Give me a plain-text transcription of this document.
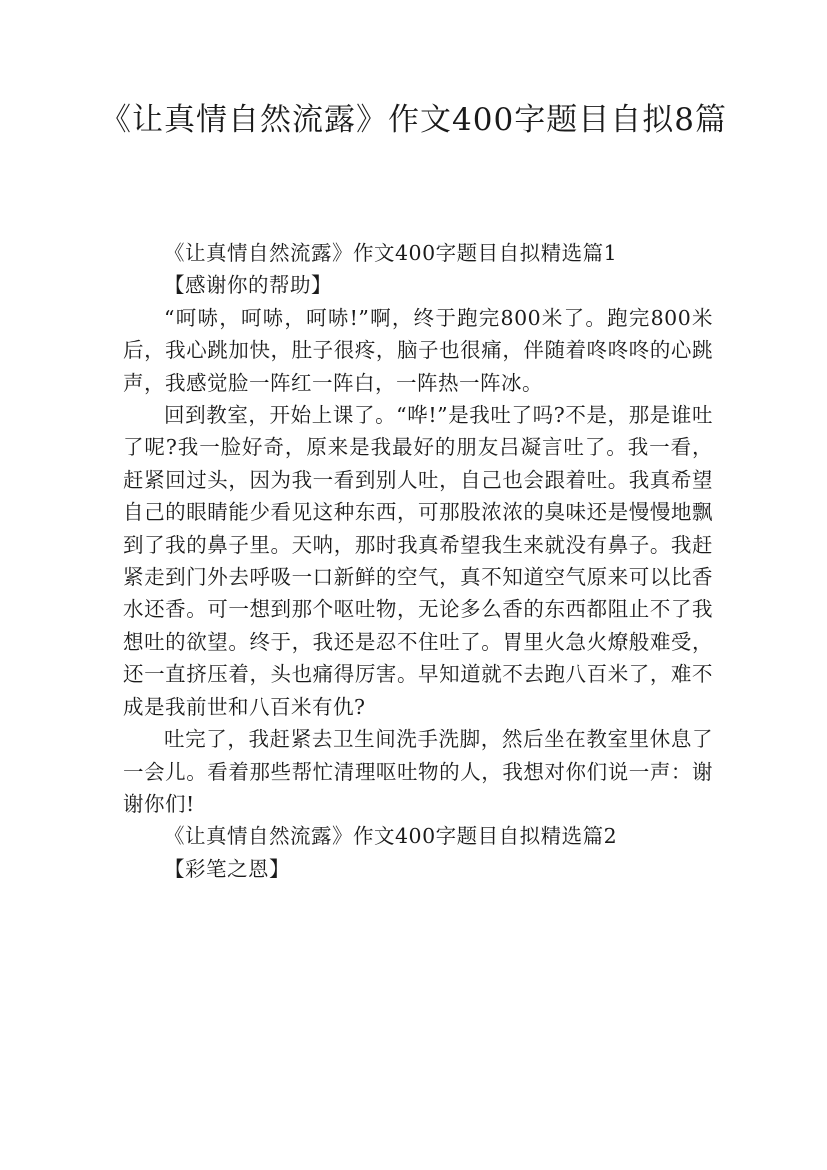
《让真情自然流露》作文400字题目自拟8篇

《让真情自然流露》作文400字题目自拟精选篇1

【感谢你的帮助】

“呵哧，呵哧，呵哧!”啊，终于跑完800米了。跑完800米后，我心跳加快，肚子很疼，脑子也很痛，伴随着咚咚咚的心跳声，我感觉脸一阵红一阵白，一阵热一阵冰。

回到教室，开始上课了。“哗!”是我吐了吗?不是，那是谁吐了呢?我一脸好奇，原来是我最好的朋友吕凝言吐了。我一看，赶紧回过头，因为我一看到别人吐，自己也会跟着吐。我真希望自己的眼睛能少看见这种东西，可那股浓浓的臭味还是慢慢地飘到了我的鼻子里。天呐，那时我真希望我生来就没有鼻子。我赶紧走到门外去呼吸一口新鲜的空气，真不知道空气原来可以比香水还香。可一想到那个呕吐物，无论多么香的东西都阻止不了我想吐的欲望。终于，我还是忍不住吐了。胃里火急火燎般难受，还一直挤压着，头也痛得厉害。早知道就不去跑八百米了，难不成是我前世和八百米有仇?

吐完了，我赶紧去卫生间洗手洗脚，然后坐在教室里休息了一会儿。看着那些帮忙清理呕吐物的人，我想对你们说一声：谢谢你们!

《让真情自然流露》作文400字题目自拟精选篇2

【彩笔之恩】
